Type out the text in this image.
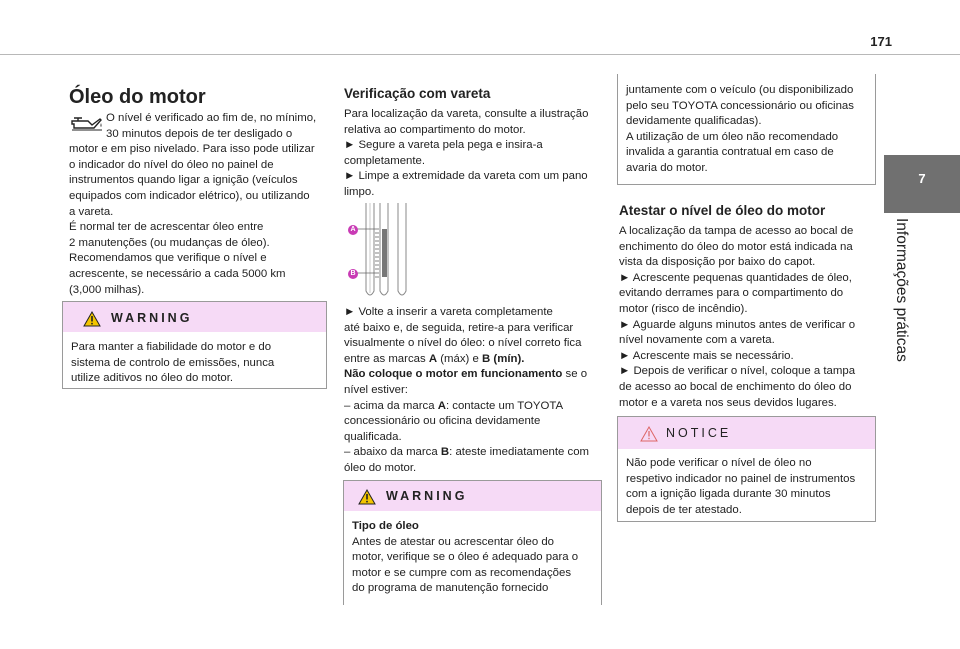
171
7
Informações práticas
Óleo do motor

O nível é verificado ao fim de, no mínimo,

30 minutos depois de ter desligado o

motor e em piso nivelado. Para isso pode utilizar

o indicador do nível do óleo no painel de

instrumentos quando ligar a ignição (veículos

equipados com indicador elétrico), ou utilizando

a vareta.

É normal ter de acrescentar óleo entre

2 manutenções (ou mudanças de óleo).

Recomendamos que verifique o nível e

acrescente, se necessário a cada 5000 km

(3,000 milhas).

WARNING

Para manter a fiabilidade do motor e do

sistema de controlo de emissões, nunca

utilize aditivos no óleo do motor.

Verificação com vareta

Para localização da vareta, consulte a ilustração

relativa ao compartimento do motor.

► Segure a vareta pela pega e insira-a

completamente.

► Limpe a extremidade da vareta com um pano

limpo.

A
B

► Volte a inserir a vareta completamente

até baixo e, de seguida, retire-a para verificar

visualmente o nível do óleo: o nível correto fica

entre as marcas A (máx) e B (mín).

Não coloque o motor em funcionamento se o

nível estiver:

– acima da marca A: contacte um TOYOTA

concessionário ou oficina devidamente

qualificada.

– abaixo da marca B: ateste imediatamente com

óleo do motor.

WARNING

Tipo de óleo

Antes de atestar ou acrescentar óleo do

motor, verifique se o óleo é adequado para o

motor e se cumpre com as recomendações

do programa de manutenção fornecido

juntamente com o veículo (ou disponibilizado

pelo seu TOYOTA concessionário ou oficinas

devidamente qualificadas).

A utilização de um óleo não recomendado

invalida a garantia contratual em caso de

avaria do motor.

Atestar o nível de óleo do motor

A localização da tampa de acesso ao bocal de

enchimento do óleo do motor está indicada na

vista da disposição por baixo do capot.

► Acrescente pequenas quantidades de óleo,

evitando derrames para o compartimento do

motor (risco de incêndio).

► Aguarde alguns minutos antes de verificar o

nível novamente com a vareta.

► Acrescente mais se necessário.

► Depois de verificar o nível, coloque a tampa

de acesso ao bocal de enchimento do óleo do

motor e a vareta nos seus devidos lugares.

NOTICE

Não pode verificar o nível de óleo no

respetivo indicador no painel de instrumentos

com a ignição ligada durante 30 minutos

depois de ter atestado.
